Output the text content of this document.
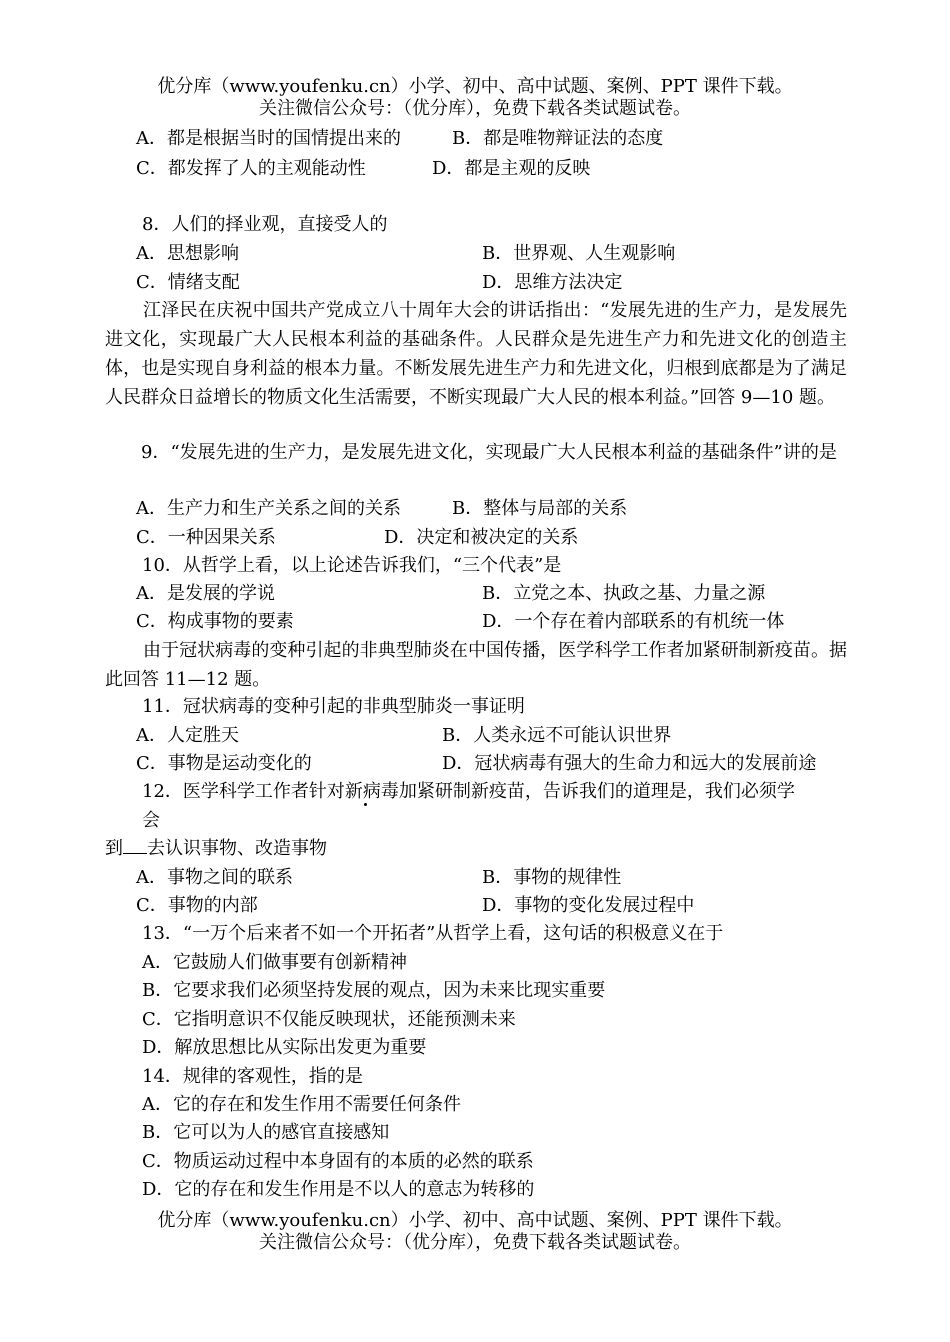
优分库（www.youfenku.cn）小学、初中、高中试题、案例、PPT 课件下载。
关注微信公众号：（优分库），免费下载各类试题试卷。
A．都是根据当时的国情提出来的	B．都是唯物辩证法的态度
C．都发挥了人的主观能动性	D．都是主观的反映
8．人们的择业观，直接受人的
A．思想影响	B．世界观、人生观影响
C．情绪支配	D．思维方法决定
江泽民在庆祝中国共产党成立八十周年大会的讲话指出：“发展先进的生产力，是发展先进文化，实现最广大人民根本利益的基础条件。人民群众是先进生产力和先进文化的创造主体，也是实现自身利益的根本力量。不断发展先进生产力和先进文化，归根到底都是为了满足人民群众日益增长的物质文化生活需要，不断实现最广大人民的根本利益。”回答 9—10 题。
9．“发展先进的生产力，是发展先进文化，实现最广大人民根本利益的基础条件”讲的是
A．生产力和生产关系之间的关系	B．整体与局部的关系
C．一种因果关系	D．决定和被决定的关系
10．从哲学上看，以上论述告诉我们，“三个代表”是
A．是发展的学说	B．立党之本、执政之基、力量之源
C．构成事物的要素	D．一个存在着内部联系的有机统一体
由于冠状病毒的变种引起的非典型肺炎在中国传播，医学科学工作者加紧研制新疫苗。据此回答 11—12 题。
11．冠状病毒的变种引起的非典型肺炎一事证明
A．人定胜天	B．人类永远不可能认识世界
C．事物是运动变化的	D．冠状病毒有强大的生命力和远大的发展前途
12．医学科学工作者针对新病毒加紧研制新疫苗，告诉我们的道理是，我们必须学
会
到 去认识事物、改造事物
A．事物之间的联系	B．事物的规律性
C．事物的内部	D．事物的变化发展过程中
13．“一万个后来者不如一个开拓者”从哲学上看，这句话的积极意义在于
A．它鼓励人们做事要有创新精神
B．它要求我们必须坚持发展的观点，因为未来比现实重要
C．它指明意识不仅能反映现状，还能预测未来
D．解放思想比从实际出发更为重要
14．规律的客观性，指的是
A．它的存在和发生作用不需要任何条件
B．它可以为人的感官直接感知
C．物质运动过程中本身固有的本质的必然的联系
D．它的存在和发生作用是不以人的意志为转移的
优分库（www.youfenku.cn）小学、初中、高中试题、案例、PPT 课件下载。
关注微信公众号：（优分库），免费下载各类试题试卷。
